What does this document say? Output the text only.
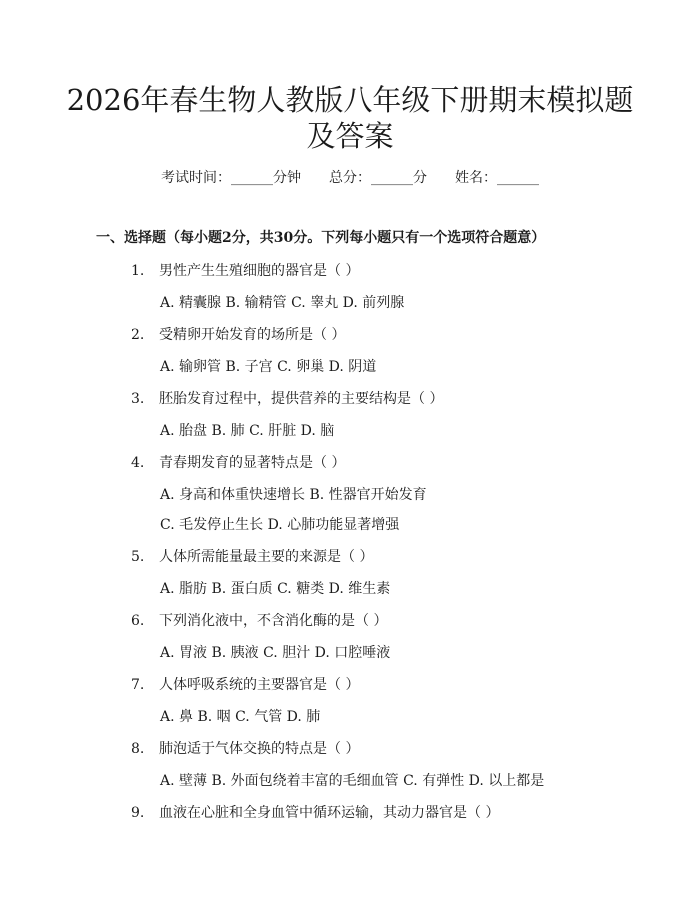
2026年春生物人教版八年级下册期末模拟题
及答案
考试时间：______分钟 总分：______分 姓名：______
一、选择题（每小题2分，共30分。下列每小题只有一个选项符合题意）
1.	男性产生生殖细胞的器官是（ ）
A. 精囊腺 B. 输精管 C. 睾丸 D. 前列腺
2.	受精卵开始发育的场所是（ ）
A. 输卵管 B. 子宫 C. 卵巢 D. 阴道
3.	胚胎发育过程中，提供营养的主要结构是（ ）
A. 胎盘 B. 肺 C. 肝脏 D. 脑
4.	青春期发育的显著特点是（ ）
A. 身高和体重快速增长 B. 性器官开始发育
C. 毛发停止生长 D. 心肺功能显著增强
5.	人体所需能量最主要的来源是（ ）
A. 脂肪 B. 蛋白质 C. 糖类 D. 维生素
6.	下列消化液中，不含消化酶的是（ ）
A. 胃液 B. 胰液 C. 胆汁 D. 口腔唾液
7.	人体呼吸系统的主要器官是（ ）
A. 鼻 B. 咽 C. 气管 D. 肺
8.	肺泡适于气体交换的特点是（ ）
A. 壁薄 B. 外面包绕着丰富的毛细血管 C. 有弹性 D. 以上都是
9.	血液在心脏和全身血管中循环运输，其动力器官是（ ）
